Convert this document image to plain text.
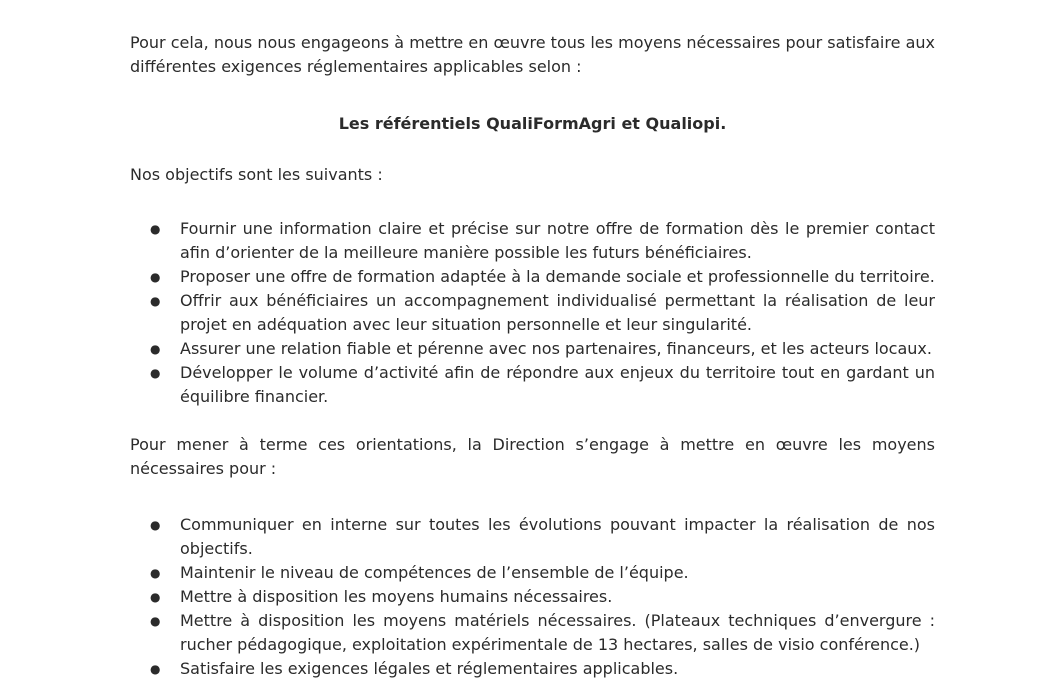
Pour cela, nous nous engageons à mettre en œuvre tous les moyens nécessaires pour satisfaire aux différentes exigences réglementaires applicables selon :

Les référentiels QualiFormAgri et Qualiopi.

Nos objectifs sont les suivants :

● Fournir une information claire et précise sur notre offre de formation dès le premier contact afin d’orienter de la meilleure manière possible les futurs bénéficiaires.
● Proposer une offre de formation adaptée à la demande sociale et professionnelle du territoire.
● Offrir aux bénéficiaires un accompagnement individualisé permettant la réalisation de leur projet en adéquation avec leur situation personnelle et leur singularité.
● Assurer une relation fiable et pérenne avec nos partenaires, financeurs, et les acteurs locaux.
● Développer le volume d’activité afin de répondre aux enjeux du territoire tout en gardant un équilibre financier.

Pour mener à terme ces orientations, la Direction s’engage à mettre en œuvre les moyens nécessaires pour :

● Communiquer en interne sur toutes les évolutions pouvant impacter la réalisation de nos objectifs.
● Maintenir le niveau de compétences de l’ensemble de l’équipe.
● Mettre à disposition les moyens humains nécessaires.
● Mettre à disposition les moyens matériels nécessaires. (Plateaux techniques d’envergure : rucher pédagogique, exploitation expérimentale de 13 hectares, salles de visio conférence.)
● Satisfaire les exigences légales et réglementaires applicables.
